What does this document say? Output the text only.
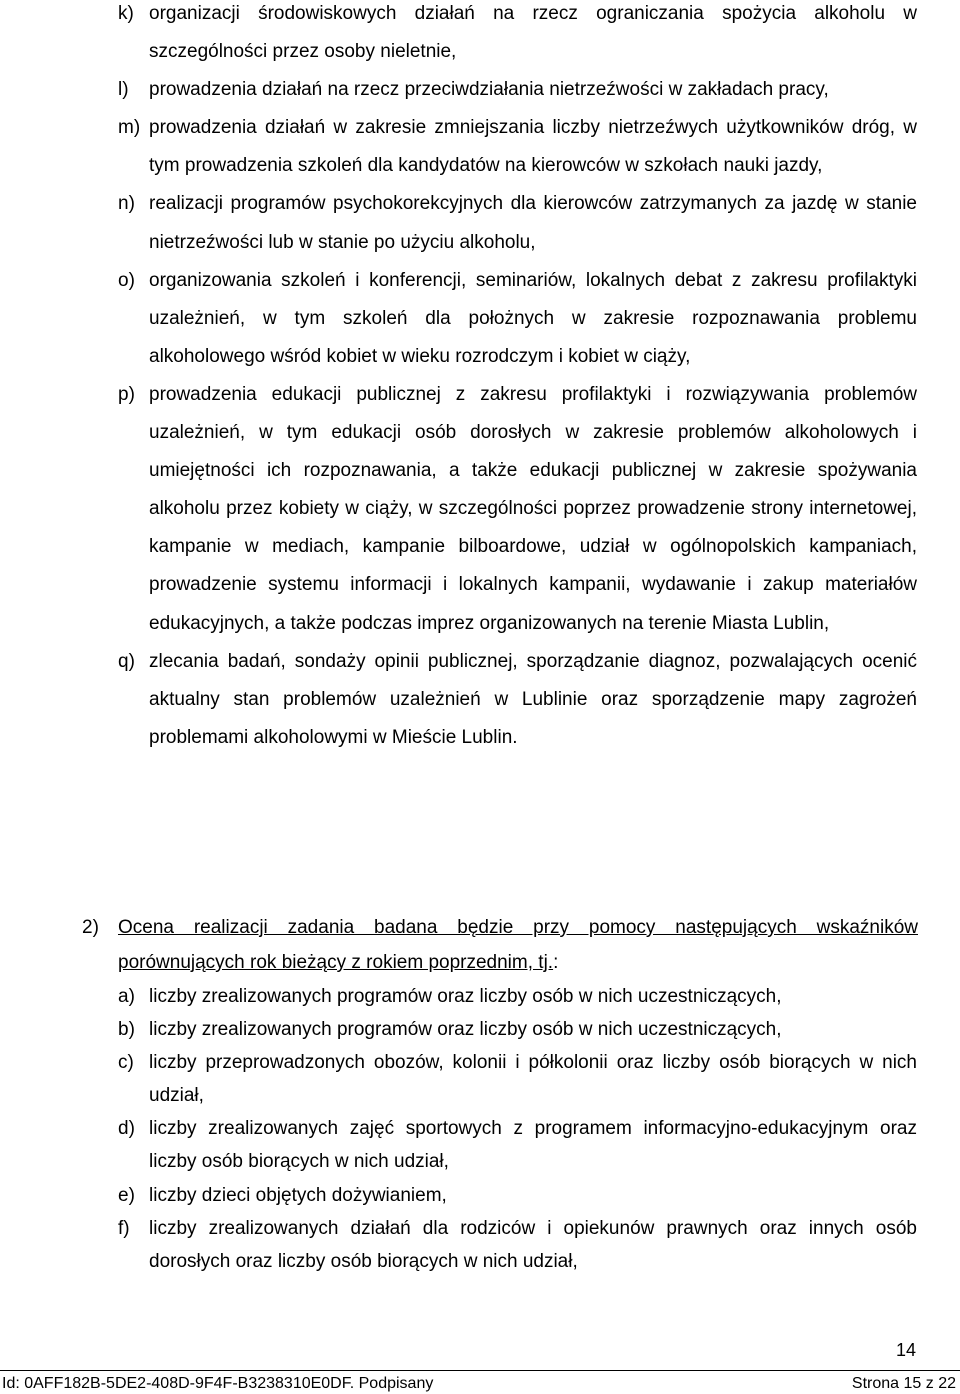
k) organizacji środowiskowych działań na rzecz ograniczania spożycia alkoholu w szczególności przez osoby nieletnie,
l) prowadzenia działań na rzecz przeciwdziałania nietrzeźwości w zakładach pracy,
m) prowadzenia działań w zakresie zmniejszania liczby nietrzeźwych użytkowników dróg, w tym prowadzenia szkoleń dla kandydatów na kierowców w szkołach nauki jazdy,
n) realizacji programów psychokorekcyjnych dla kierowców zatrzymanych za jazdę w stanie nietrzeźwości lub w stanie po użyciu alkoholu,
o) organizowania szkoleń i konferencji, seminariów, lokalnych debat z zakresu profilaktyki uzależnień, w tym szkoleń dla położnych w zakresie rozpoznawania problemu alkoholowego wśród kobiet w wieku rozrodczym i kobiet w ciąży,
p) prowadzenia edukacji publicznej z zakresu profilaktyki i rozwiązywania problemów uzależnień, w tym edukacji osób dorosłych w zakresie problemów alkoholowych i umiejętności ich rozpoznawania, a także edukacji publicznej w zakresie spożywania alkoholu przez kobiety w ciąży, w szczególności poprzez prowadzenie strony internetowej, kampanie w mediach, kampanie bilboardowe, udział w ogólnopolskich kampaniach, prowadzenie systemu informacji i lokalnych kampanii, wydawanie i zakup materiałów edukacyjnych, a także podczas imprez organizowanych na terenie Miasta Lublin,
q) zlecania badań, sondaży opinii publicznej, sporządzanie diagnoz, pozwalających ocenić aktualny stan problemów uzależnień w Lublinie oraz sporządzenie mapy zagrożeń problemami alkoholowymi w Mieście Lublin.
2) Ocena realizacji zadania badana będzie przy pomocy następujących wskaźników porównujących rok bieżący z rokiem poprzednim, tj.:
a) liczby zrealizowanych programów oraz liczby osób w nich uczestniczących,
b) liczby zrealizowanych programów oraz liczby osób w nich uczestniczących,
c) liczby przeprowadzonych obozów, kolonii i półkolonii oraz liczby osób biorących w nich udział,
d) liczby zrealizowanych zajęć sportowych z programem informacyjno-edukacyjnym oraz liczby osób biorących w nich udział,
e) liczby dzieci objętych dożywianiem,
f) liczby zrealizowanych działań dla rodziców i opiekunów prawnych oraz innych osób dorosłych oraz liczby osób biorących w nich udział,
14
Id: 0AFF182B-5DE2-408D-9F4F-B3238310E0DF. Podpisany	Strona 15 z 22
